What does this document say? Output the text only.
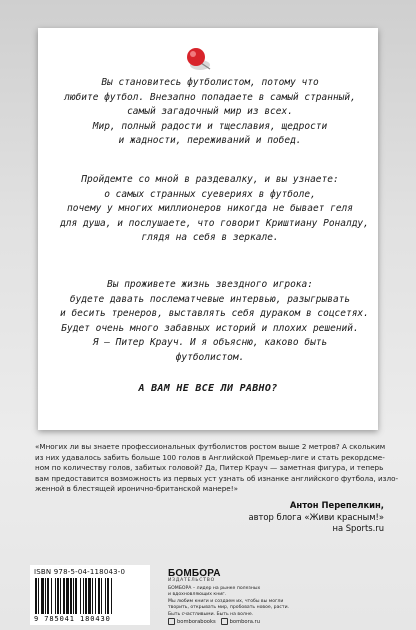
Вы становитесь футболистом, потому что
любите футбол. Внезапно попадаете в самый странный,
самый загадочный мир из всех.
Мир, полный радости и тщеславия, щедрости
и жадности, переживаний и побед.
Пройдемте со мной в раздевалку, и вы узнаете:
о самых странных суевериях в футболе,
почему у многих миллионеров никогда не бывает геля
для душа, и послушаете, что говорит Криштиану Роналду,
глядя на себя в зеркале.
Вы проживете жизнь звездного игрока:
будете давать послематчевые интервью, разыгрывать
и бесить тренеров, выставлять себя дураком в соцсетях.
Будет очень много забавных историй и плохих решений.
Я — Питер Крауч. И я объясню, каково быть
футболистом.
А ВАМ НЕ ВСЕ ЛИ РАВНО?
«Многих ли вы знаете профессиональных футболистов ростом выше 2 метров? А скольким
из них удавалось забить больше 100 голов в Английской Премьер-лиге и стать рекордсме-
ном по количеству голов, забитых головой? Да, Питер Крауч — заметная фигура, и теперь
вам предоставится возможность из первых уст узнать об изнанке английского футбола, изло-
женной в блестящей иронично-британской манере!»
Антон Перепелкин,
автор блога «Живи красным!»
на Sports.ru
ISBN 978-5-04-118043-0
9 785041 180430
БОМБОРА
ИЗДАТЕЛЬСТВО
БОМБОРА – лидер на рынке полезных
и вдохновляющих книг.
Мы любим книги и создаем их, чтобы вы могли
творить, открывать мир, пробовать новое, расти.
Быть счастливыми. Быть на волне.
bomborabooks	bombora.ru
